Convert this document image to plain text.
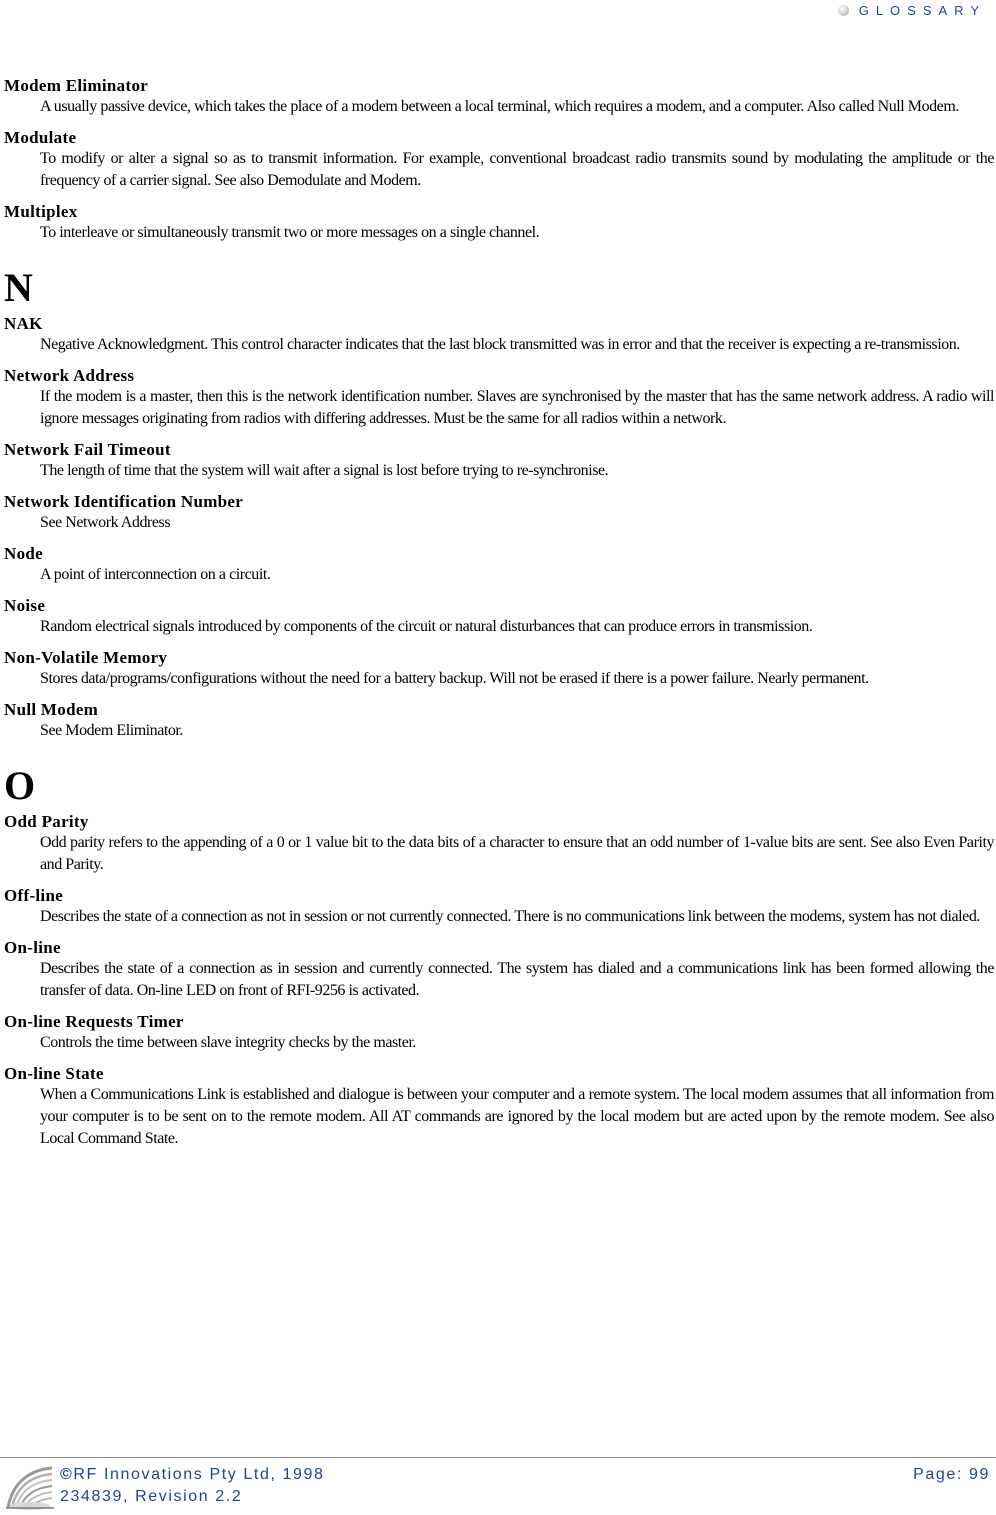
GLOSSARY
Modem Eliminator
A usually passive device, which takes the place of a modem between a local terminal, which requires a modem, and a computer. Also called Null Modem.
Modulate
To modify or alter a signal so as to transmit information. For example, conventional broadcast radio transmits sound by modulating the amplitude or the frequency of a carrier signal. See also Demodulate and Modem.
Multiplex
To interleave or simultaneously transmit two or more messages on a single channel.
N
NAK
Negative Acknowledgment. This control character indicates that the last block transmitted was in error and that the receiver is expecting a re-transmission.
Network Address
If the modem is a master, then this is the network identification number. Slaves are synchronised by the master that has the same network address. A radio will ignore messages originating from radios with differing addresses. Must be the same for all radios within a network.
Network Fail Timeout
The length of time that the system will wait after a signal is lost before trying to re-synchronise.
Network Identification Number
See Network Address
Node
A point of interconnection on a circuit.
Noise
Random electrical signals introduced by components of the circuit or natural disturbances that can produce errors in transmission.
Non-Volatile Memory
Stores data/programs/configurations without the need for a battery backup. Will not be erased if there is a power failure. Nearly permanent.
Null Modem
See Modem Eliminator.
O
Odd Parity
Odd parity refers to the appending of a 0 or 1 value bit to the data bits of a character to ensure that an odd number of 1-value bits are sent. See also Even Parity and Parity.
Off-line
Describes the state of a connection as not in session or not currently connected. There is no communications link between the modems, system has not dialed.
On-line
Describes the state of a connection as in session and currently connected. The system has dialed and a communications link has been formed allowing the transfer of data. On-line LED on front of RFI-9256 is activated.
On-line Requests Timer
Controls the time between slave integrity checks by the master.
On-line State
When a Communications Link is established and dialogue is between your computer and a remote system. The local modem assumes that all information from your computer is to be sent on to the remote modem. All AT commands are ignored by the local modem but are acted upon by the remote modem. See also Local Command State.
©RF Innovations Pty Ltd, 1998
234839, Revision 2.2
Page: 99
